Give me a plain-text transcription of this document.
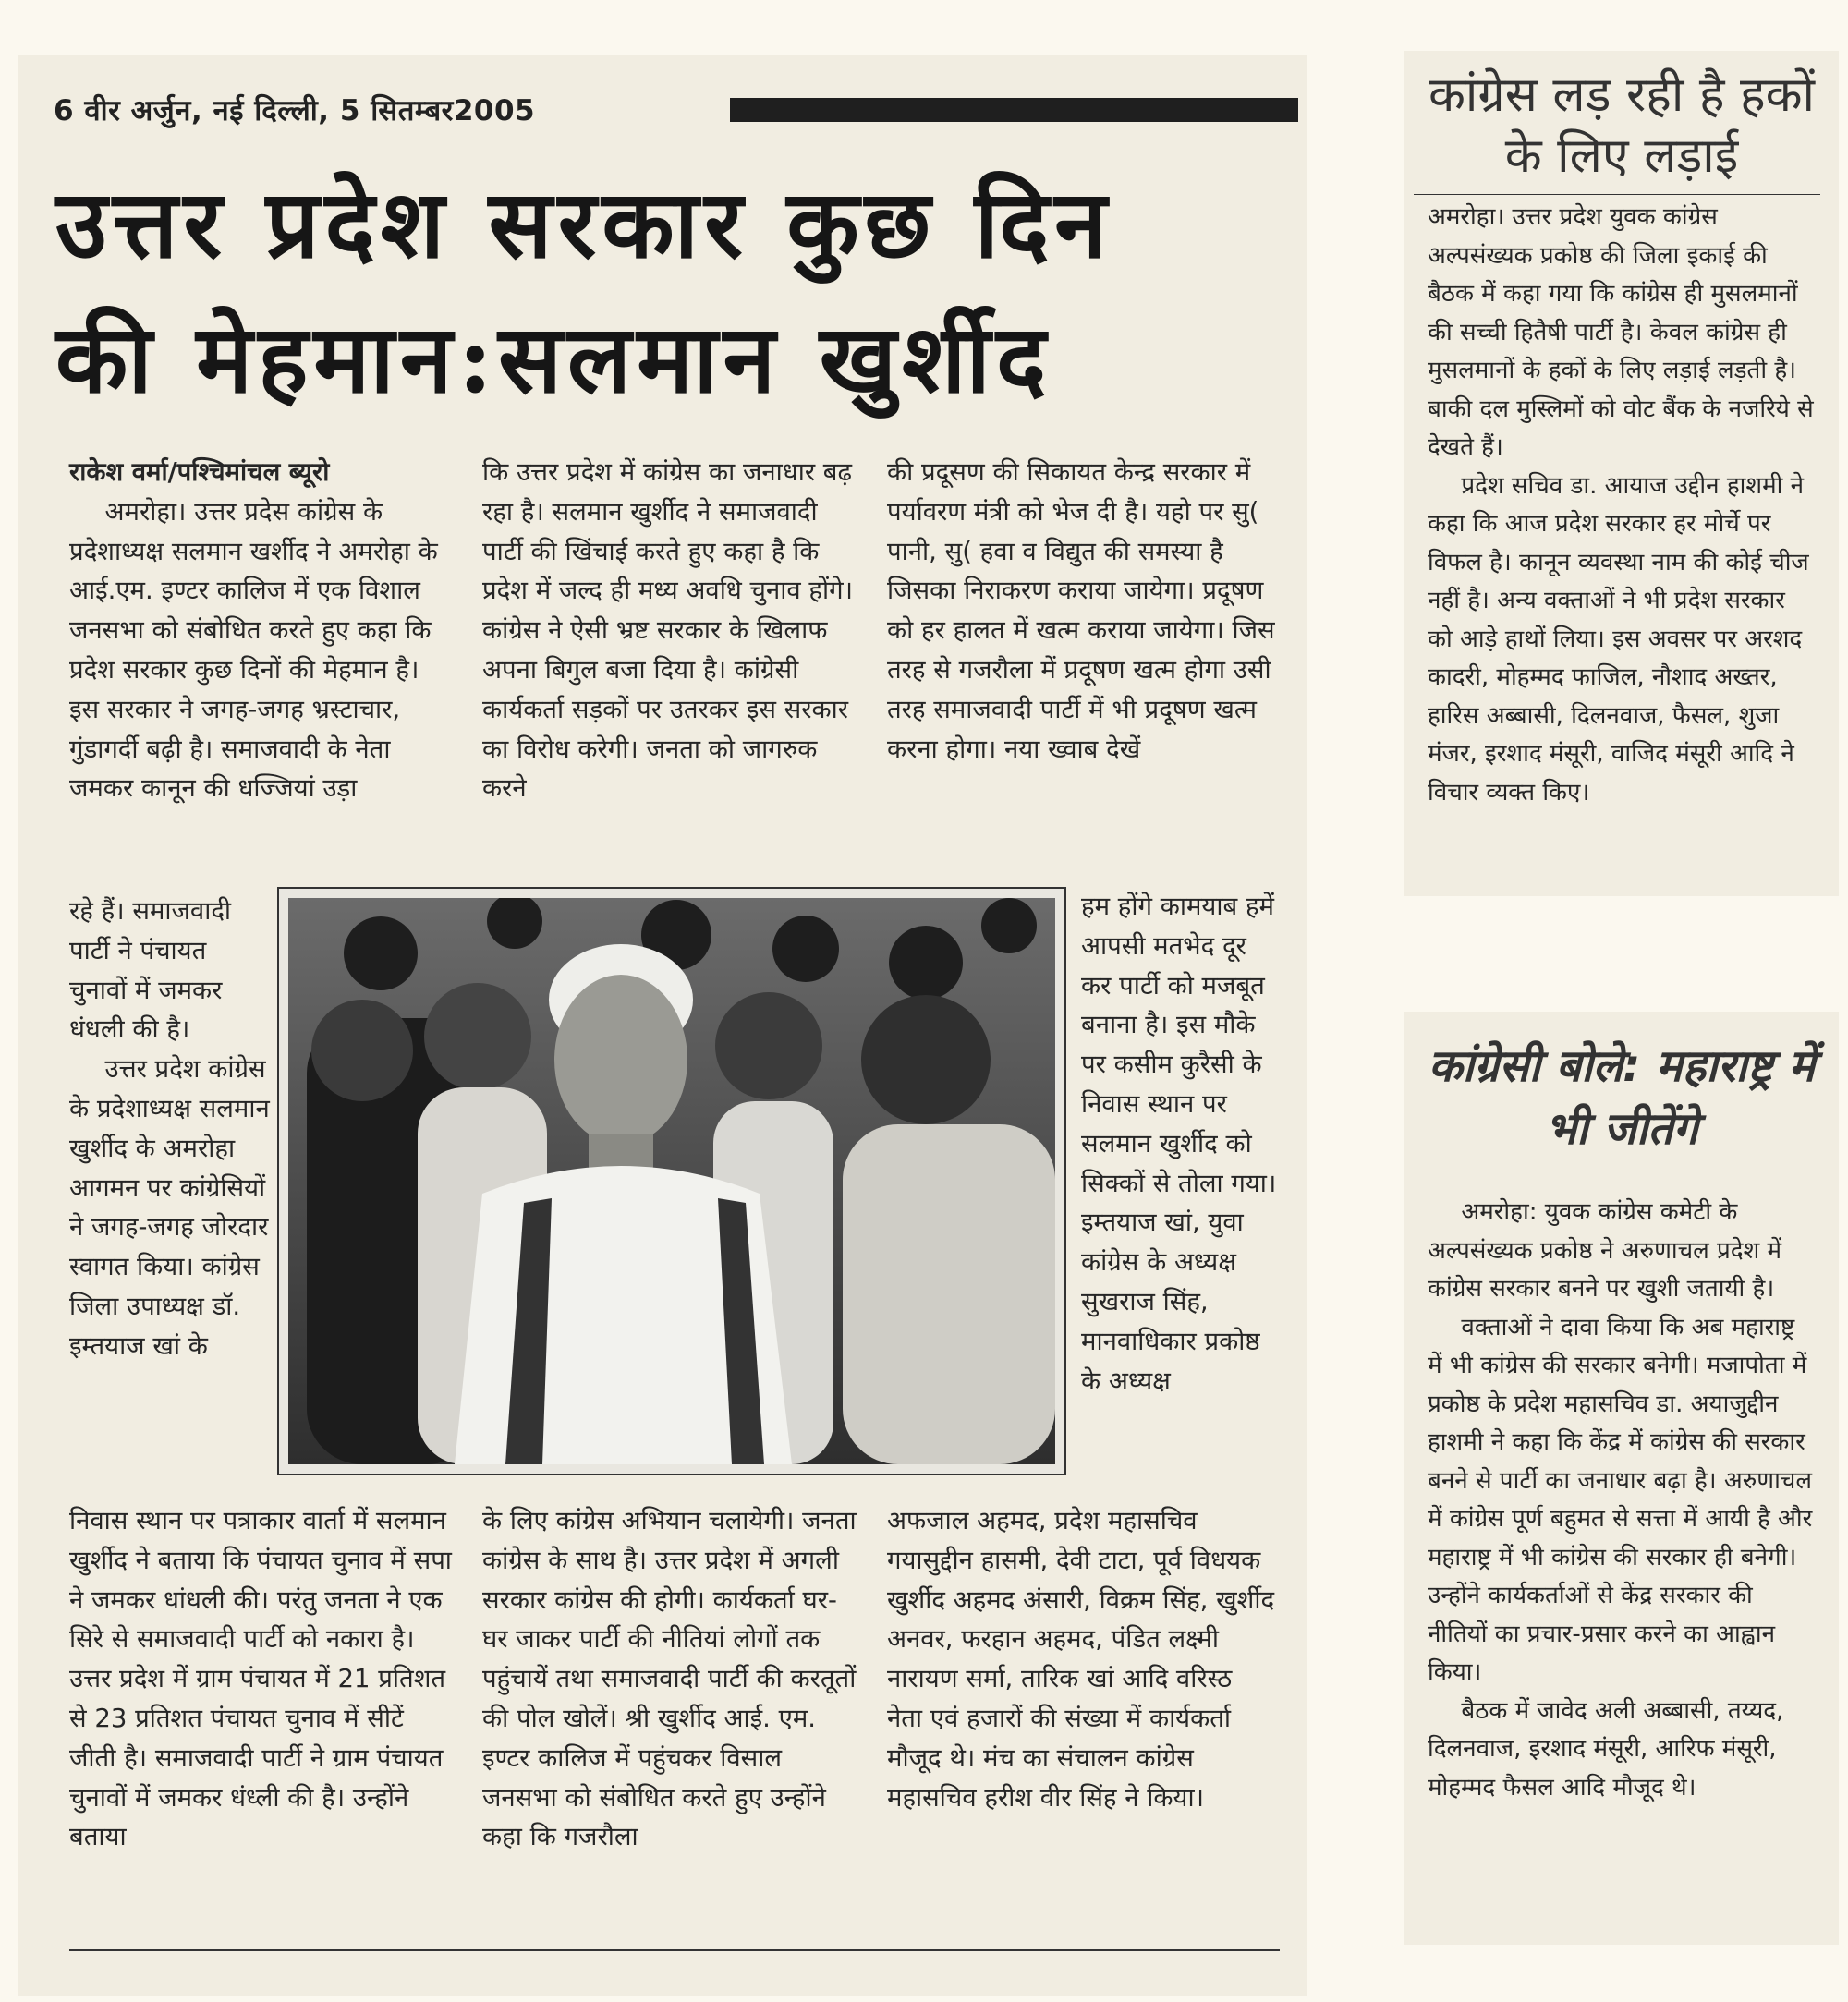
6 वीर अर्जुन, नई दिल्ली, 5 सितम्बर2005
उत्तर प्रदेश सरकार कुछ दिन
की मेहमान:सलमान खुर्शीद

राकेश वर्मा/पश्चिमांचल ब्यूरो

अमरोहा। उत्तर प्रदेस कांग्रेस के प्रदेशाध्यक्ष सलमान खर्शीद ने अमरोहा के आई.एम. इण्टर कालिज में एक विशाल जनसभा को संबोधित करते हुए कहा कि प्रदेश सरकार कुछ दिनों की मेहमान है। इस सरकार ने जगह-जगह भ्रस्टाचार, गुंडागर्दी बढ़ी है। समाजवादी के नेता जमकर कानून की धज्जियां उड़ा

रहे हैं। समाजवादी पार्टी ने पंचायत चुनावों में जमकर धंधली की है।

उत्तर प्रदेश कांग्रेस के प्रदेशाध्यक्ष सलमान खुर्शीद के अमरोहा आगमन पर कांग्रेसियों ने जगह-जगह जोरदार स्वागत किया। कांग्रेस जिला उपाध्यक्ष डॉ. इम्तयाज खां के

निवास स्थान पर पत्राकार वार्ता में सलमान खुर्शीद ने बताया कि पंचायत चुनाव में सपा ने जमकर धांधली की। परंतु जनता ने एक सिरे से समाजवादी पार्टी को नकारा है। उत्तर प्रदेश में ग्राम पंचायत में 21 प्रतिशत से 23 प्रतिशत पंचायत चुनाव में सीटें जीती है। समाजवादी पार्टी ने ग्राम पंचायत चुनावों में जमकर धंध्ली की है। उन्होंने बताया

कि उत्तर प्रदेश में कांग्रेस का जनाधार बढ़ रहा है। सलमान खुर्शीद ने समाजवादी पार्टी की खिंचाई करते हुए कहा है कि प्रदेश में जल्द ही मध्य अवधि चुनाव होंगे। कांग्रेस ने ऐसी भ्रष्ट सरकार के खिलाफ अपना बिगुल बजा दिया है। कांग्रेसी कार्यकर्ता सड़कों पर उतरकर इस सरकार का विरोध करेगी। जनता को जागरुक करने

के लिए कांग्रेस अभियान चलायेगी। जनता कांग्रेस के साथ है। उत्तर प्रदेश में अगली सरकार कांग्रेस की होगी। कार्यकर्ता घर-घर जाकर पार्टी की नीतियां लोगों तक पहुंचायें तथा समाजवादी पार्टी की करतूतों की पोल खोलें। श्री खुर्शीद आई. एम. इण्टर कालिज में पहुंचकर विसाल जनसभा को संबोधित करते हुए उन्होंने कहा कि गजरौला

की प्रदूसण की सिकायत केन्द्र सरकार में पर्यावरण मंत्री को भेज दी है। यहो पर सु( पानी, सु( हवा व विद्युत की समस्या है जिसका निराकरण कराया जायेगा। प्रदूषण को हर हालत में खत्म कराया जायेगा। जिस तरह से गजरौला में प्रदूषण खत्म होगा उसी तरह समाजवादी पार्टी में भी प्रदूषण खत्म करना होगा। नया ख्वाब देखें

हम होंगे कामयाब हमें आपसी मतभेद दूर कर पार्टी को मजबूत बनाना है। इस मौके पर कसीम कुरैसी के निवास स्थान पर सलमान खुर्शीद को सिक्कों से तोला गया। इम्तयाज खां, युवा कांग्रेस के अध्यक्ष सुखराज सिंह, मानवाधिकार प्रकोष्ठ के अध्यक्ष

अफजाल अहमद, प्रदेश महासचिव गयासुद्दीन हासमी, देवी टाटा, पूर्व विधयक खुर्शीद अहमद अंसारी, विक्रम सिंह, खुर्शीद अनवर, फरहान अहमद, पंडित लक्ष्मी नारायण सर्मा, तारिक खां आदि वरिस्ठ नेता एवं हजारों की संख्या में कार्यकर्ता मौजूद थे। मंच का संचालन कांग्रेस महासचिव हरीश वीर सिंह ने किया।

कांग्रेस लड़ रही है हकों के लिए लड़ाई

अमरोहा। उत्तर प्रदेश युवक कांग्रेस अल्पसंख्यक प्रकोष्ठ की जिला इकाई की बैठक में कहा गया कि कांग्रेस ही मुसलमानों की सच्ची हितैषी पार्टी है। केवल कांग्रेस ही मुसलमानों के हकों के लिए लड़ाई लड़ती है। बाकी दल मुस्लिमों को वोट बैंक के नजरिये से देखते हैं।

प्रदेश सचिव डा. आयाज उद्दीन हाशमी ने कहा कि आज प्रदेश सरकार हर मोर्चे पर विफल है। कानून व्यवस्था नाम की कोई चीज नहीं है। अन्य वक्ताओं ने भी प्रदेश सरकार को आड़े हाथों लिया। इस अवसर पर अरशद कादरी, मोहम्मद फाजिल, नौशाद अख्तर, हारिस अब्बासी, दिलनवाज, फैसल, शुजा मंजर, इरशाद मंसूरी, वाजिद मंसूरी आदि ने विचार व्यक्त किए।

कांग्रेसी बोले: महाराष्ट्र में भी जीतेंगे

अमरोहा: युवक कांग्रेस कमेटी के अल्पसंख्यक प्रकोष्ठ ने अरुणाचल प्रदेश में कांग्रेस सरकार बनने पर खुशी जतायी है।

वक्ताओं ने दावा किया कि अब महाराष्ट्र में भी कांग्रेस की सरकार बनेगी। मजापोता में प्रकोष्ठ के प्रदेश महासचिव डा. अयाजुद्दीन हाशमी ने कहा कि केंद्र में कांग्रेस की सरकार बनने से पार्टी का जनाधार बढ़ा है। अरुणाचल में कांग्रेस पूर्ण बहुमत से सत्ता में आयी है और महाराष्ट्र में भी कांग्रेस की सरकार ही बनेगी। उन्होंने कार्यकर्ताओं से केंद्र सरकार की नीतियों का प्रचार-प्रसार करने का आह्वान किया।

बैठक में जावेद अली अब्बासी, तय्यद, दिलनवाज, इरशाद मंसूरी, आरिफ मंसूरी, मोहम्मद फैसल आदि मौजूद थे।
